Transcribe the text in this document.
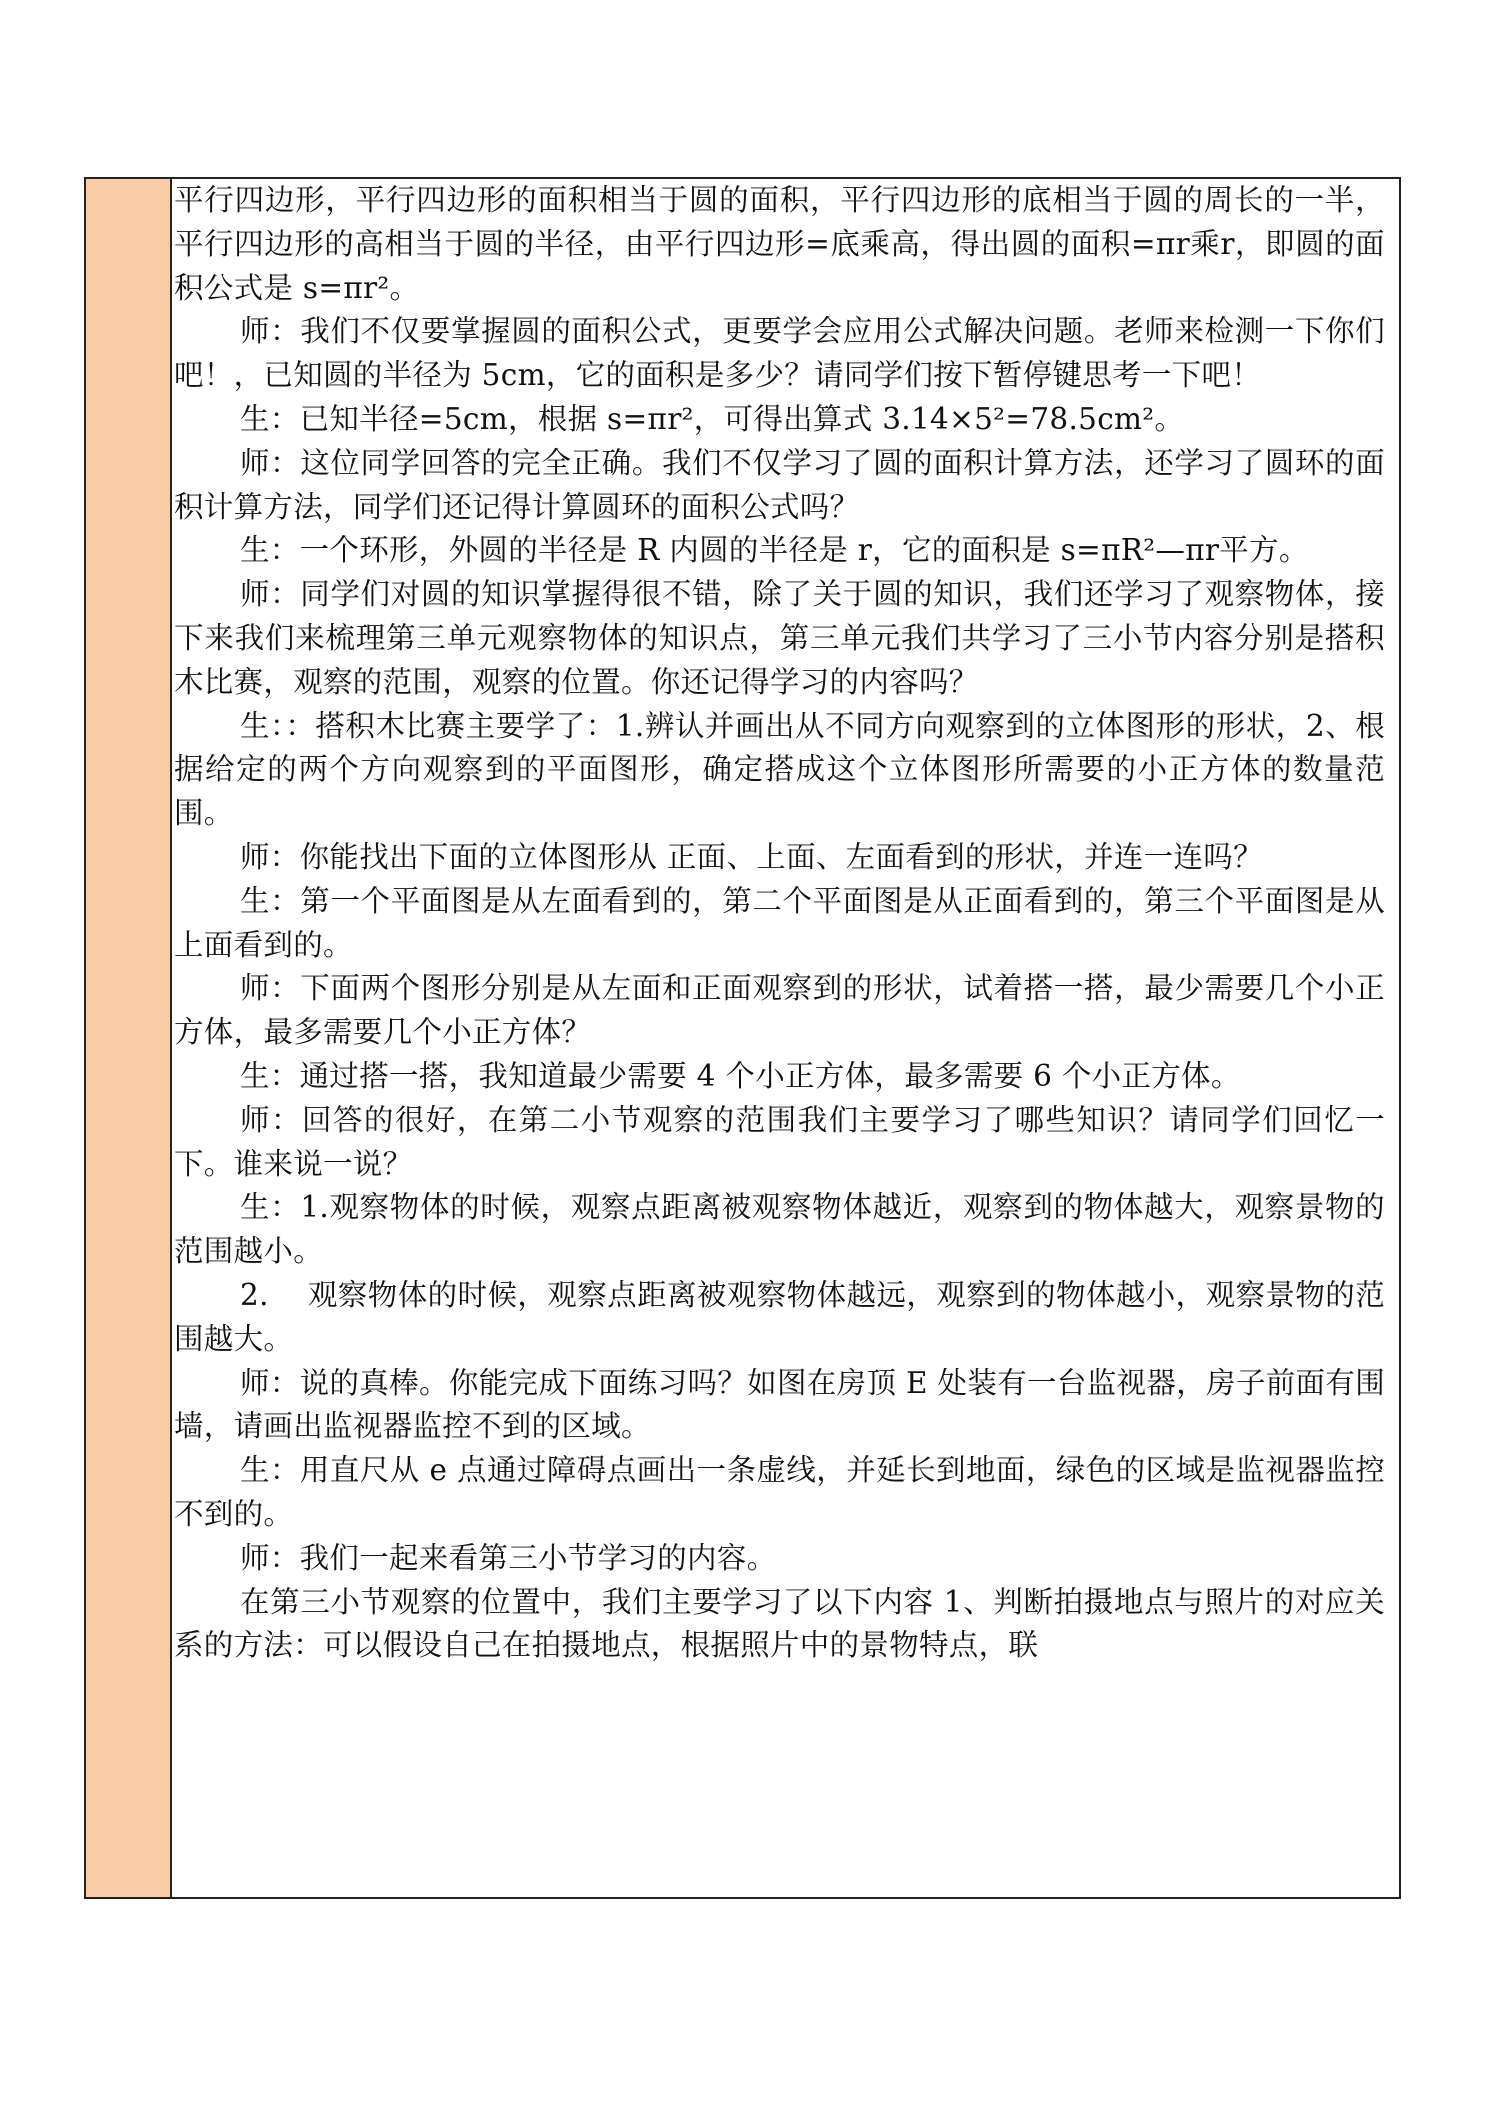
平行四边形，平行四边形的面积相当于圆的面积，平行四边形的底相当于圆的周长的一半，平行四边形的高相当于圆的半径，由平行四边形=底乘高，得出圆的面积=πr乘r，即圆的面积公式是 s=πr²。

师：我们不仅要掌握圆的面积公式，更要学会应用公式解决问题。老师来检测一下你们吧！，已知圆的半径为 5cm，它的面积是多少？请同学们按下暂停键思考一下吧！

生：已知半径=5cm，根据 s=πr²，可得出算式 3.14×5²=78.5cm²。

师：这位同学回答的完全正确。我们不仅学习了圆的面积计算方法，还学习了圆环的面积计算方法，同学们还记得计算圆环的面积公式吗？

生：一个环形，外圆的半径是 R 内圆的半径是 r，它的面积是 s=πR²—πr平方。

师：同学们对圆的知识掌握得很不错，除了关于圆的知识，我们还学习了观察物体，接下来我们来梳理第三单元观察物体的知识点，第三单元我们共学习了三小节内容分别是搭积木比赛，观察的范围，观察的位置。你还记得学习的内容吗？

生：：搭积木比赛主要学了：1.辨认并画出从不同方向观察到的立体图形的形状，2、根据给定的两个方向观察到的平面图形，确定搭成这个立体图形所需要的小正方体的数量范围。

师：你能找出下面的立体图形从 正面、上面、左面看到的形状，并连一连吗？

生：第一个平面图是从左面看到的，第二个平面图是从正面看到的，第三个平面图是从上面看到的。

师：下面两个图形分别是从左面和正面观察到的形状，试着搭一搭，最少需要几个小正方体，最多需要几个小正方体？

生：通过搭一搭，我知道最少需要 4 个小正方体，最多需要 6 个小正方体。

师：回答的很好，在第二小节观察的范围我们主要学习了哪些知识？请同学们回忆一下。谁来说一说？

生：1.观察物体的时候，观察点距离被观察物体越近，观察到的物体越大，观察景物的范围越小。

2.    观察物体的时候，观察点距离被观察物体越远，观察到的物体越小，观察景物的范围越大。

师：说的真棒。你能完成下面练习吗？如图在房顶 E 处装有一台监视器，房子前面有围墙，请画出监视器监控不到的区域。

生：用直尺从 e 点通过障碍点画出一条虚线，并延长到地面，绿色的区域是监视器监控不到的。

师：我们一起来看第三小节学习的内容。

在第三小节观察的位置中，我们主要学习了以下内容 1、判断拍摄地点与照片的对应关系的方法：可以假设自己在拍摄地点，根据照片中的景物特点，联
